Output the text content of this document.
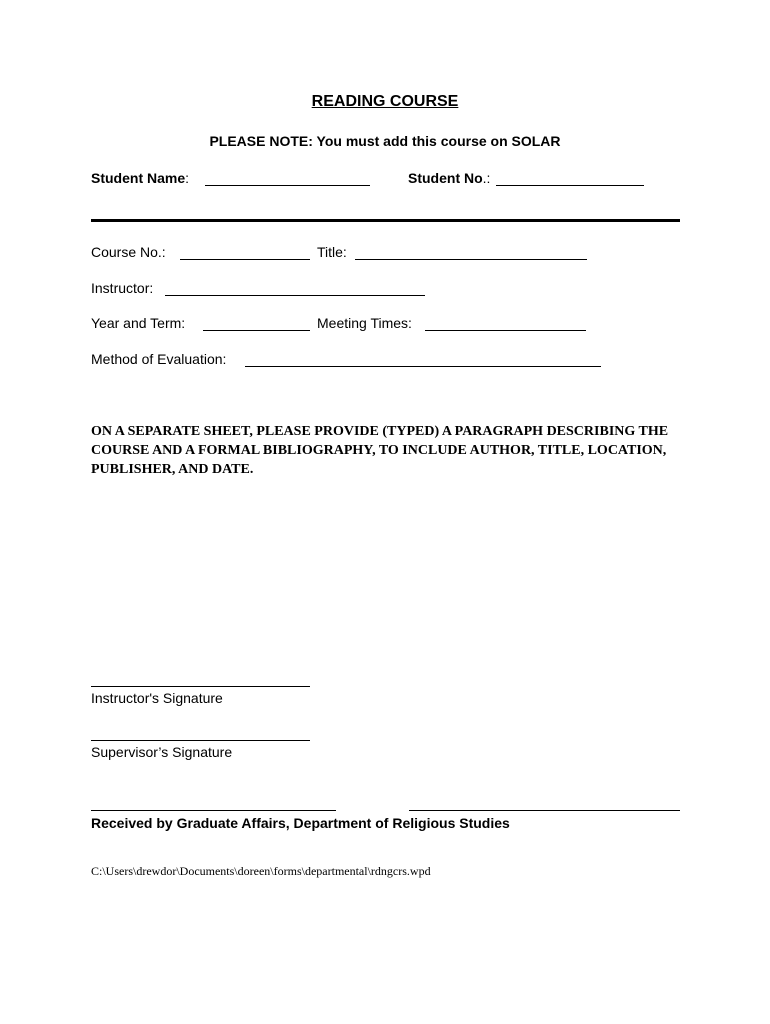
READING COURSE
PLEASE NOTE: You must add this course on SOLAR
Student Name:	Student No.:
Course No.:	Title:
Instructor:
Year and Term:	Meeting Times:
Method of Evaluation:
ON A SEPARATE SHEET, PLEASE PROVIDE (TYPED) A PARAGRAPH DESCRIBING THE COURSE AND A FORMAL BIBLIOGRAPHY, TO INCLUDE AUTHOR, TITLE, LOCATION, PUBLISHER, AND DATE.
Instructor's Signature
Supervisor’s Signature
Received by Graduate Affairs, Department of Religious Studies
C:\Users\drewdor\Documents\doreen\forms\departmental\rdngcrs.wpd
